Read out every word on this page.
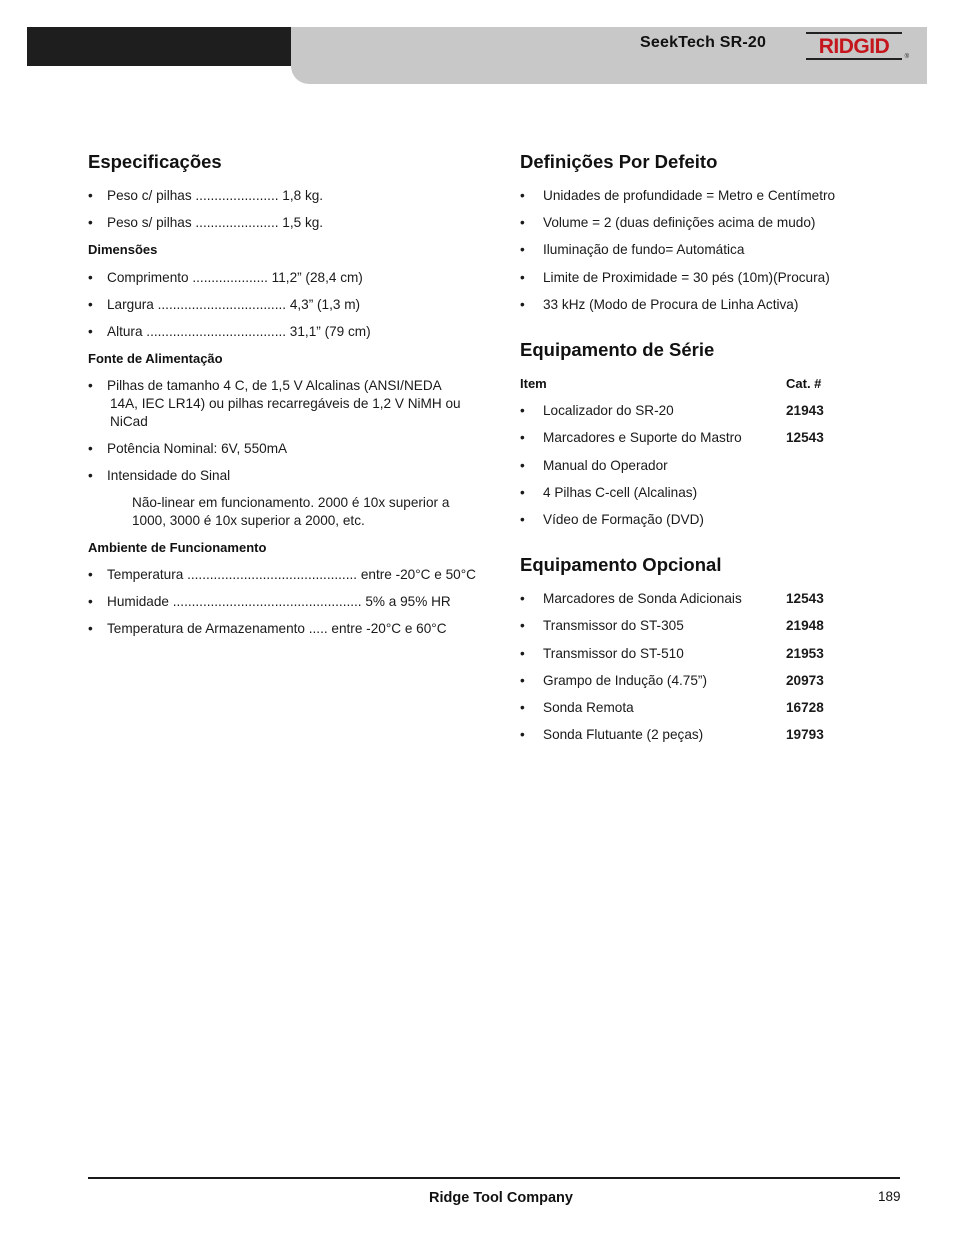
SeekTech SR-20	RIDGID	$_®$
Especificações
• Peso c/ pilhas ...................... 1,8 kg.
• Peso s/ pilhas ...................... 1,5 kg.
Dimensões
• Comprimento .................... 11,2” (28,4 cm)
• Largura .................................. 4,3” (1,3 m)
• Altura ..................................... 31,1” (79 cm)
Fonte de Alimentação
• Pilhas de tamanho 4 C, de 1,5 V Alcalinas (ANSI/NEDA
14A, IEC LR14) ou pilhas recarregáveis de 1,2 V NiMH ou
NiCad
• Potência Nominal: 6V, 550mA
• Intensidade do Sinal
Não-linear em funcionamento. 2000 é 10x superior a
1000, 3000 é 10x superior a 2000, etc.
Ambiente de Funcionamento
• Temperatura ............................................. entre -20°C e 50°C
• Humidade .................................................. 5% a 95% HR
• Temperatura de Armazenamento ..... entre -20°C e 60°C
Definições Por Defeito
• Unidades de profundidade = Metro e Centímetro
• Volume = 2 (duas definições acima de mudo)
• Iluminação de fundo= Automática
• Limite de Proximidade = 30 pés (10m)(Procura)
• 33 kHz (Modo de Procura de Linha Activa)
Equipamento de Série
Item	Cat. #
• Localizador do SR-20	21943
• Marcadores e Suporte do Mastro	12543
• Manual do Operador
• 4 Pilhas C-cell (Alcalinas)
• Vídeo de Formação (DVD)
Equipamento Opcional
• Marcadores de Sonda Adicionais	12543
• Transmissor do ST-305	21948
• Transmissor do ST-510	21953
• Grampo de Indução (4.75”)	20973
• Sonda Remota	16728
• Sonda Flutuante (2 peças)	19793
Ridge Tool Company	189
